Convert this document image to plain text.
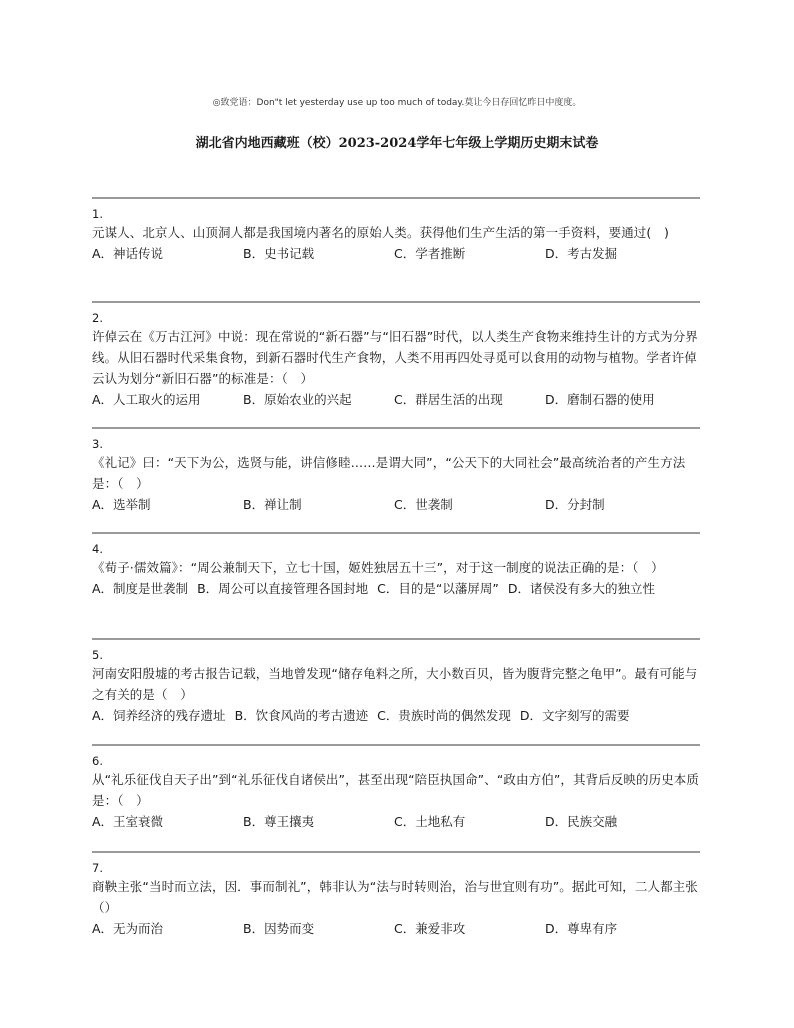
◎致党语：Don"t let yesterday use up too much of today.莫让今日存回忆昨日中度度。
湖北省内地西藏班（校）2023-2024学年七年级上学期历史期末试卷
1.
元谋人、北京人、山顶洞人都是我国境内著名的原始人类。获得他们生产生活的第一手资料，要通过(　)
A．神话传说	B．史书记载	C．学者推断	D．考古发掘
2.
许倬云在《万古江河》中说：现在常说的“新石器”与“旧石器”时代，以人类生产食物来维持生计的方式为分界线。从旧石器时代采集食物，到新石器时代生产食物，人类不用再四处寻觅可以食用的动物与植物。学者许倬云认为划分“新旧石器”的标准是：（　）
A．人工取火的运用	B．原始农业的兴起	C．群居生活的出现	D．磨制石器的使用
3.
《礼记》曰：“天下为公，选贤与能，讲信修睦……是谓大同”，“公天下的大同社会”最高统治者的产生方法是：（　）
A．选举制	B．禅让制	C．世袭制	D．分封制
4.
《荀子·儒效篇》：“周公兼制天下，立七十国，姬姓独居五十三”，对于这一制度的说法正确的是：（　）
A．制度是世袭制 B．周公可以直接管理各国封地 C．目的是“以藩屏周” D．诸侯没有多大的独立性
5.
河南安阳殷墟的考古报告记载，当地曾发现“储存龟料之所，大小数百贝，皆为腹背完整之龟甲”。最有可能与之有关的是（　）
A．饲养经济的残存遗址 B．饮食风尚的考古遗迹 C．贵族时尚的偶然发现 D．文字刻写的需要
6.
从“礼乐征伐自天子出”到“礼乐征伐自诸侯出”，甚至出现“陪臣执国命”、“政由方伯”，其背后反映的历史本质是：（　）
A．王室衰微	B．尊王攘夷	C．土地私有	D．民族交融
7.
商鞅主张“当时而立法，因．事而制礼”，韩非认为“法与时转则治，治与世宜则有功”。据此可知，二人都主张（）
A．无为而治	B．因势而变	C．兼爱非攻	D．尊卑有序
